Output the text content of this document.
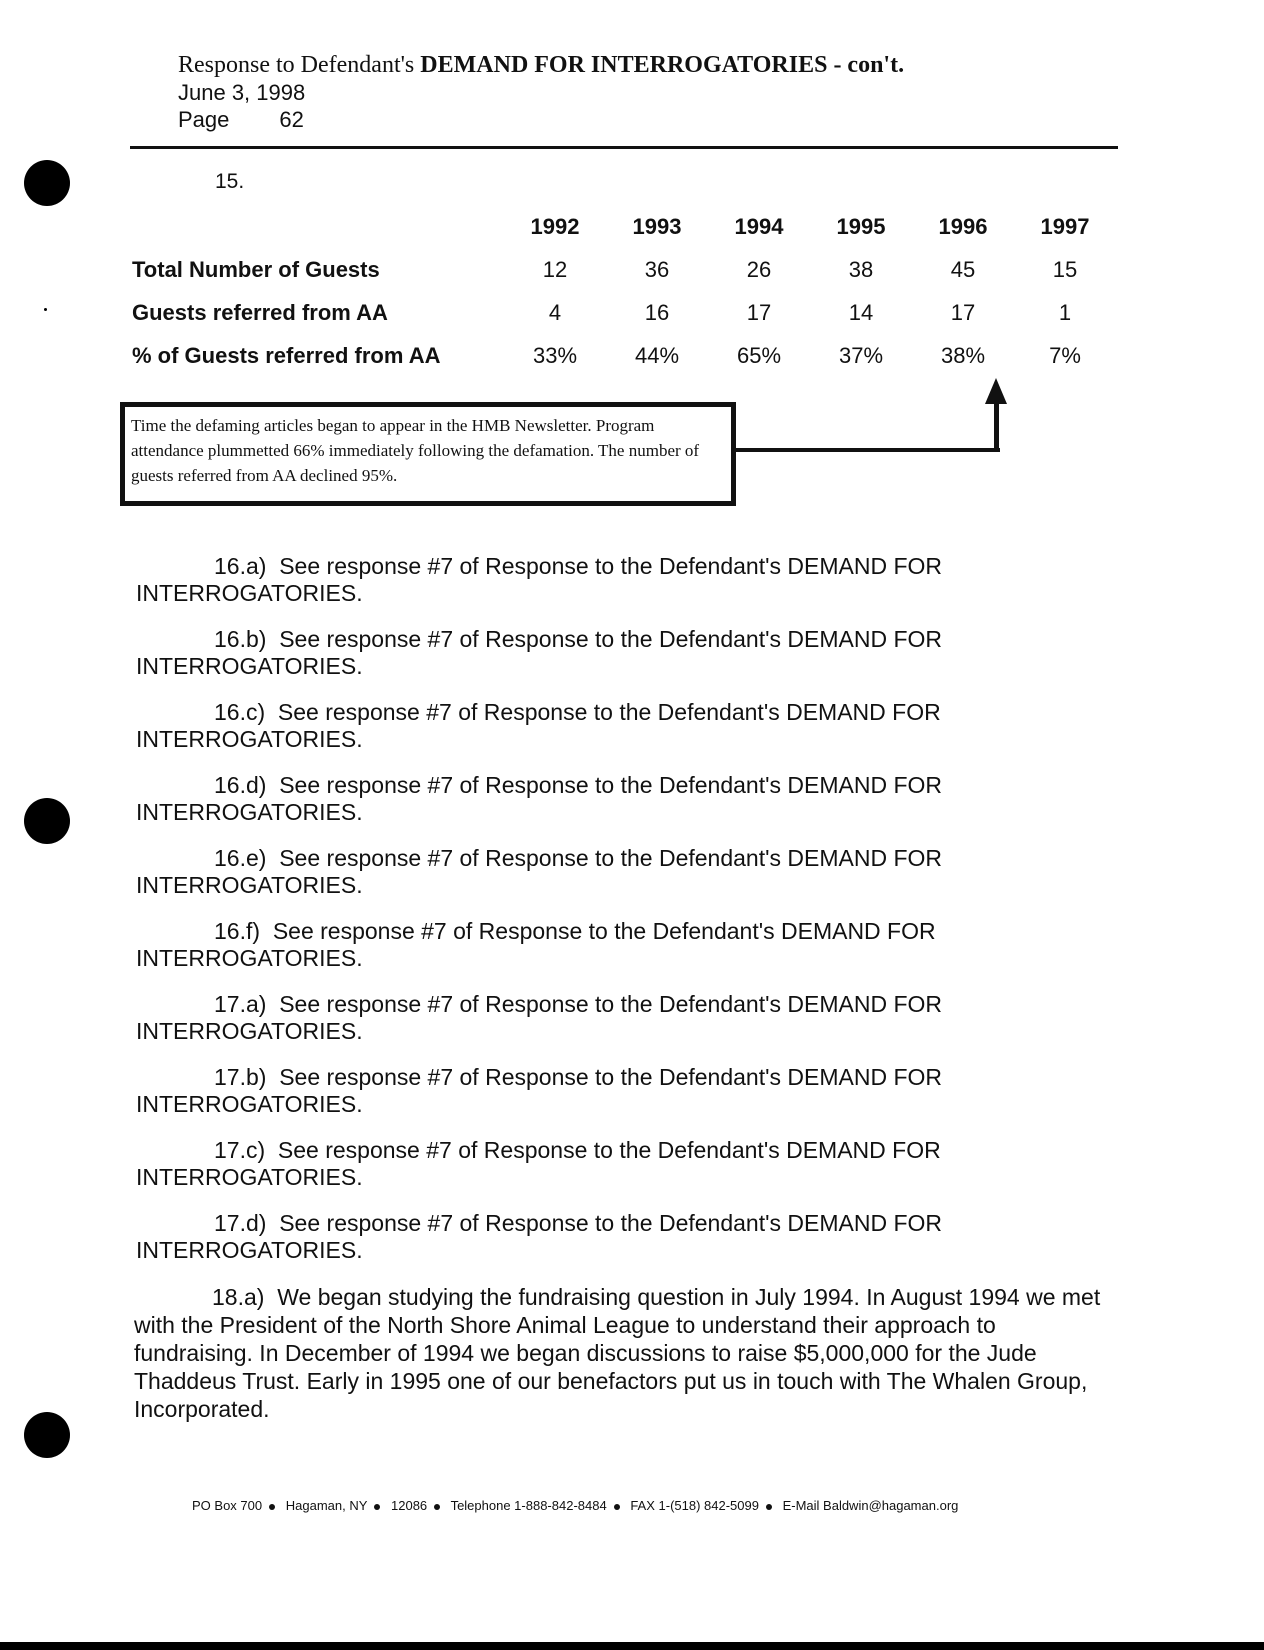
Response to Defendant's DEMAND FOR INTERROGATORIES - con't.
June 3, 1998
Page 62
15.
	1992	1993	1994	1995	1996	1997
Total Number of Guests	12	36	26	38	45	15
Guests referred from AA	4	16	17	14	17	1
% of Guests referred from AA	33%	44%	65%	37%	38%	7%
Time the defaming articles began to appear in the HMB Newsletter. Program attendance plummetted 66% immediately following the defamation. The number of guests referred from AA declined 95%.
16.a) See response #7 of Response to the Defendant's DEMAND FOR
INTERROGATORIES.
16.b) See response #7 of Response to the Defendant's DEMAND FOR
INTERROGATORIES.
16.c) See response #7 of Response to the Defendant's DEMAND FOR
INTERROGATORIES.
16.d) See response #7 of Response to the Defendant's DEMAND FOR
INTERROGATORIES.
16.e) See response #7 of Response to the Defendant's DEMAND FOR
INTERROGATORIES.
16.f) See response #7 of Response to the Defendant's DEMAND FOR
INTERROGATORIES.
17.a) See response #7 of Response to the Defendant's DEMAND FOR
INTERROGATORIES.
17.b) See response #7 of Response to the Defendant's DEMAND FOR
INTERROGATORIES.
17.c) See response #7 of Response to the Defendant's DEMAND FOR
INTERROGATORIES.
17.d) See response #7 of Response to the Defendant's DEMAND FOR
INTERROGATORIES.
18.a) We began studying the fundraising question in July 1994. In August 1994 we met with the President of the North Shore Animal League to understand their approach to fundraising. In December of 1994 we began discussions to raise $5,000,000 for the Jude Thaddeus Trust. Early in 1995 one of our benefactors put us in touch with The Whalen Group, Incorporated.
PO Box 700 Hagaman, NY 12086 Telephone 1-888-842-8484 FAX 1-(518) 842-5099 E-Mail Baldwin@hagaman.org
